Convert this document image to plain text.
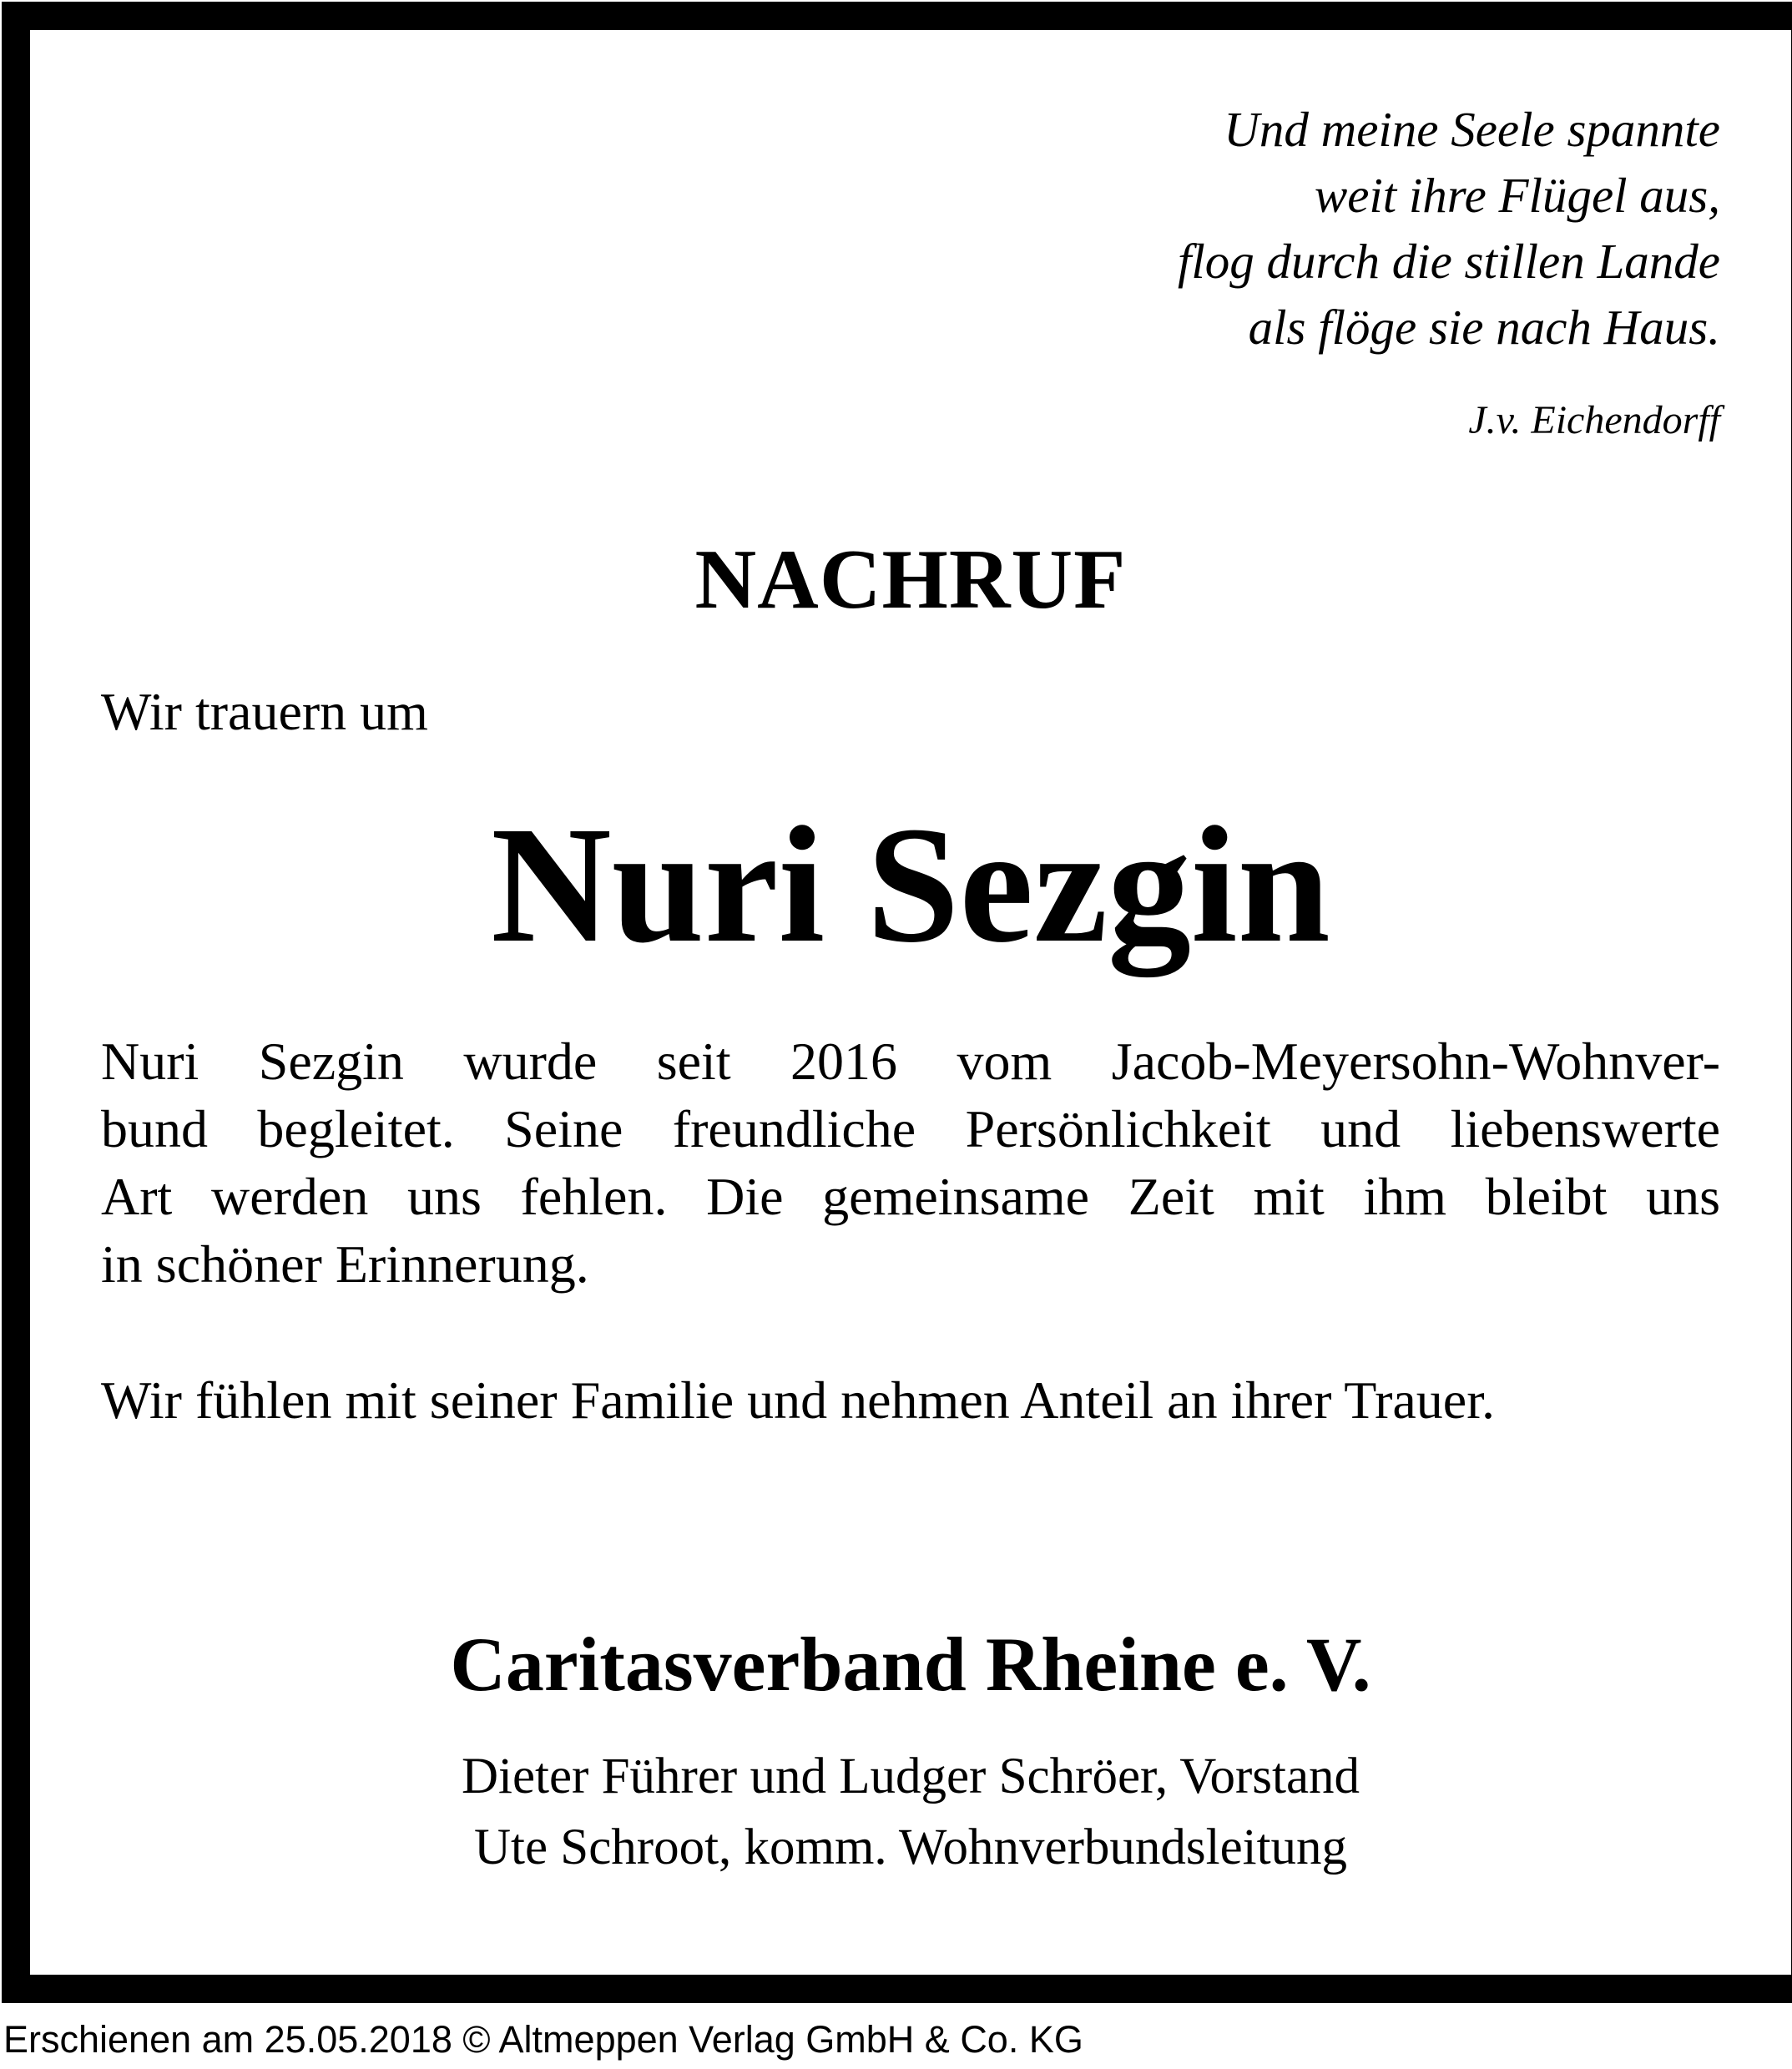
Und meine Seele spannte
weit ihre Flügel aus,
flog durch die stillen Lande
als flöge sie nach Haus.
J.v. Eichendorff
NACHRUF
Wir trauern um
Nuri Sezgin
Nuri Sezgin wurde seit 2016 vom Jacob-Meyersohn-Wohnver-
bund begleitet. Seine freundliche Persönlichkeit und liebenswerte
Art werden uns fehlen. Die gemeinsame Zeit mit ihm bleibt uns
in schöner Erinnerung.
Wir fühlen mit seiner Familie und nehmen Anteil an ihrer Trauer.
Caritasverband Rheine e. V.
Dieter Führer und Ludger Schröer, Vorstand
Ute Schroot, komm. Wohnverbundsleitung
Erschienen am 25.05.2018 © Altmeppen Verlag GmbH & Co. KG
